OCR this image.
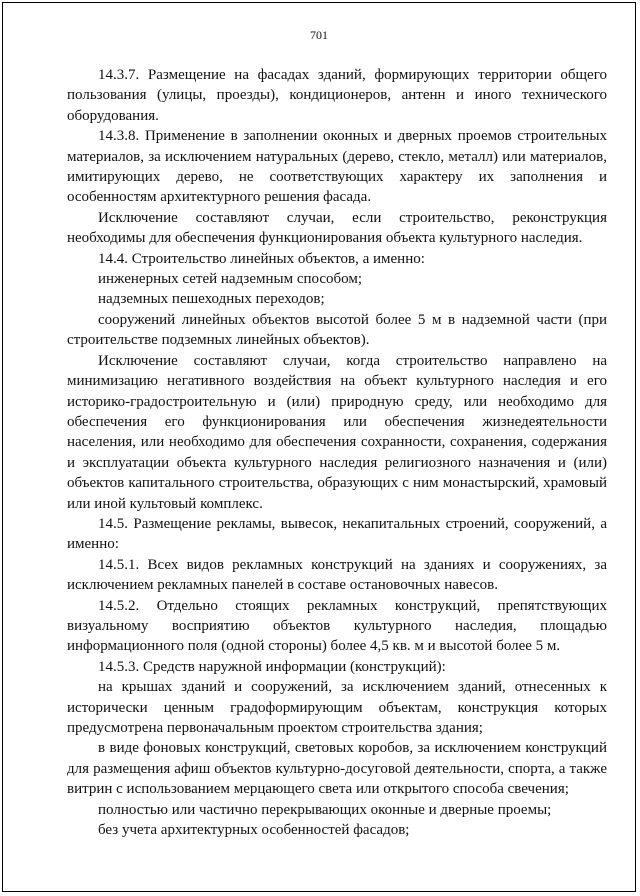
701

14.3.7. Размещение на фасадах зданий, формирующих территории общего пользования (улицы, проезды), кондиционеров, антенн и иного технического оборудования.

14.3.8. Применение в заполнении оконных и дверных проемов строительных материалов, за исключением натуральных (дерево, стекло, металл) или материалов, имитирующих дерево, не соответствующих характеру их заполнения и особенностям архитектурного решения фасада.

Исключение составляют случаи, если строительство, реконструкция необходимы для обеспечения функционирования объекта культурного наследия.

14.4. Строительство линейных объектов, а именно:

инженерных сетей надземным способом;

надземных пешеходных переходов;

сооружений линейных объектов высотой более 5 м в надземной части (при строительстве подземных линейных объектов).

Исключение составляют случаи, когда строительство направлено на минимизацию негативного воздействия на объект культурного наследия и его историко-градостроительную и (или) природную среду, или необходимо для обеспечения его функционирования или обеспечения жизнедеятельности населения, или необходимо для обеспечения сохранности, сохранения, содержания и эксплуатации объекта культурного наследия религиозного назначения и (или) объектов капитального строительства, образующих с ним монастырский, храмовый или иной культовый комплекс.

14.5. Размещение рекламы, вывесок, некапитальных строений, сооружений, а именно:

14.5.1. Всех видов рекламных конструкций на зданиях и сооружениях, за исключением рекламных панелей в составе остановочных навесов.

14.5.2. Отдельно стоящих рекламных конструкций, препятствующих визуальному восприятию объектов культурного наследия, площадью информационного поля (одной стороны) более 4,5 кв. м и высотой более 5 м.

14.5.3. Средств наружной информации (конструкций):

на крышах зданий и сооружений, за исключением зданий, отнесенных к исторически ценным градоформирующим объектам, конструкция которых предусмотрена первоначальным проектом строительства здания;

в виде фоновых конструкций, световых коробов, за исключением конструкций для размещения афиш объектов культурно-досуговой деятельности, спорта, а также витрин с использованием мерцающего света или открытого способа свечения;

полностью или частично перекрывающих оконные и дверные проемы;

без учета архитектурных особенностей фасадов;
